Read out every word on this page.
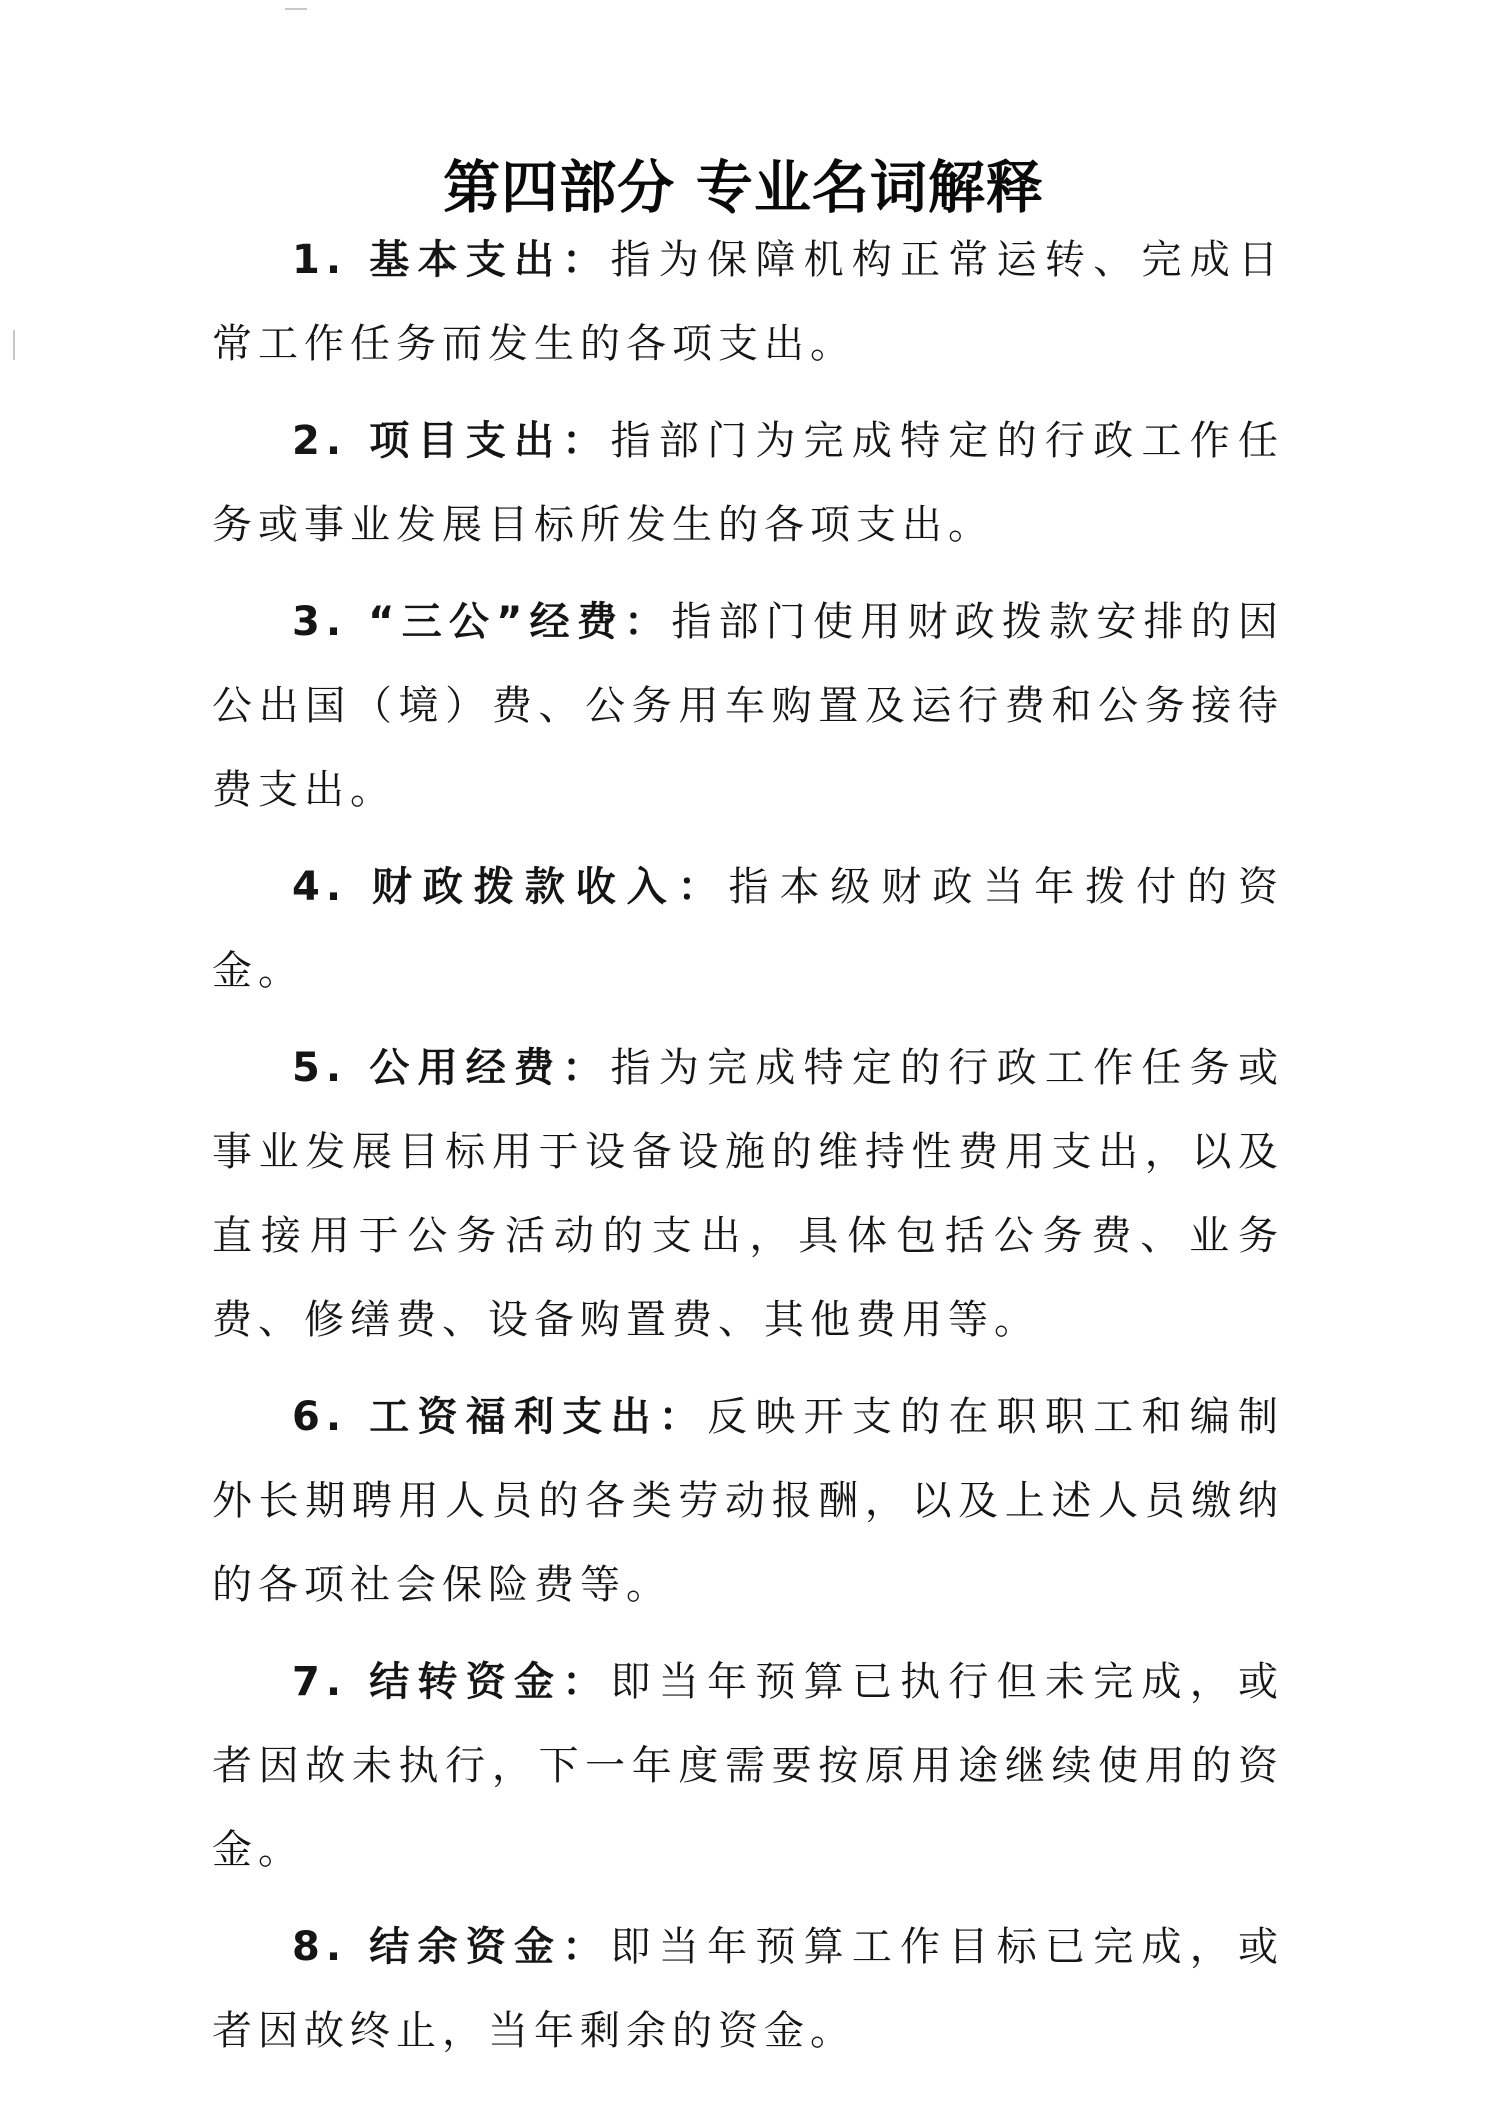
第四部分 专业名词解释

1. 基本支出：指为保障机构正常运转、完成日常工作任务而发生的各项支出。

2. 项目支出：指部门为完成特定的行政工作任务或事业发展目标所发生的各项支出。

3. “三公”经费：指部门使用财政拨款安排的因公出国（境）费、公务用车购置及运行费和公务接待费支出。

4. 财政拨款收入：指本级财政当年拨付的资金。

5. 公用经费：指为完成特定的行政工作任务或事业发展目标用于设备设施的维持性费用支出，以及直接用于公务活动的支出，具体包括公务费、业务费、修缮费、设备购置费、其他费用等。

6. 工资福利支出：反映开支的在职职工和编制外长期聘用人员的各类劳动报酬，以及上述人员缴纳的各项社会保险费等。

7. 结转资金：即当年预算已执行但未完成，或者因故未执行，下一年度需要按原用途继续使用的资金。

8. 结余资金：即当年预算工作目标已完成，或者因故终止，当年剩余的资金。
